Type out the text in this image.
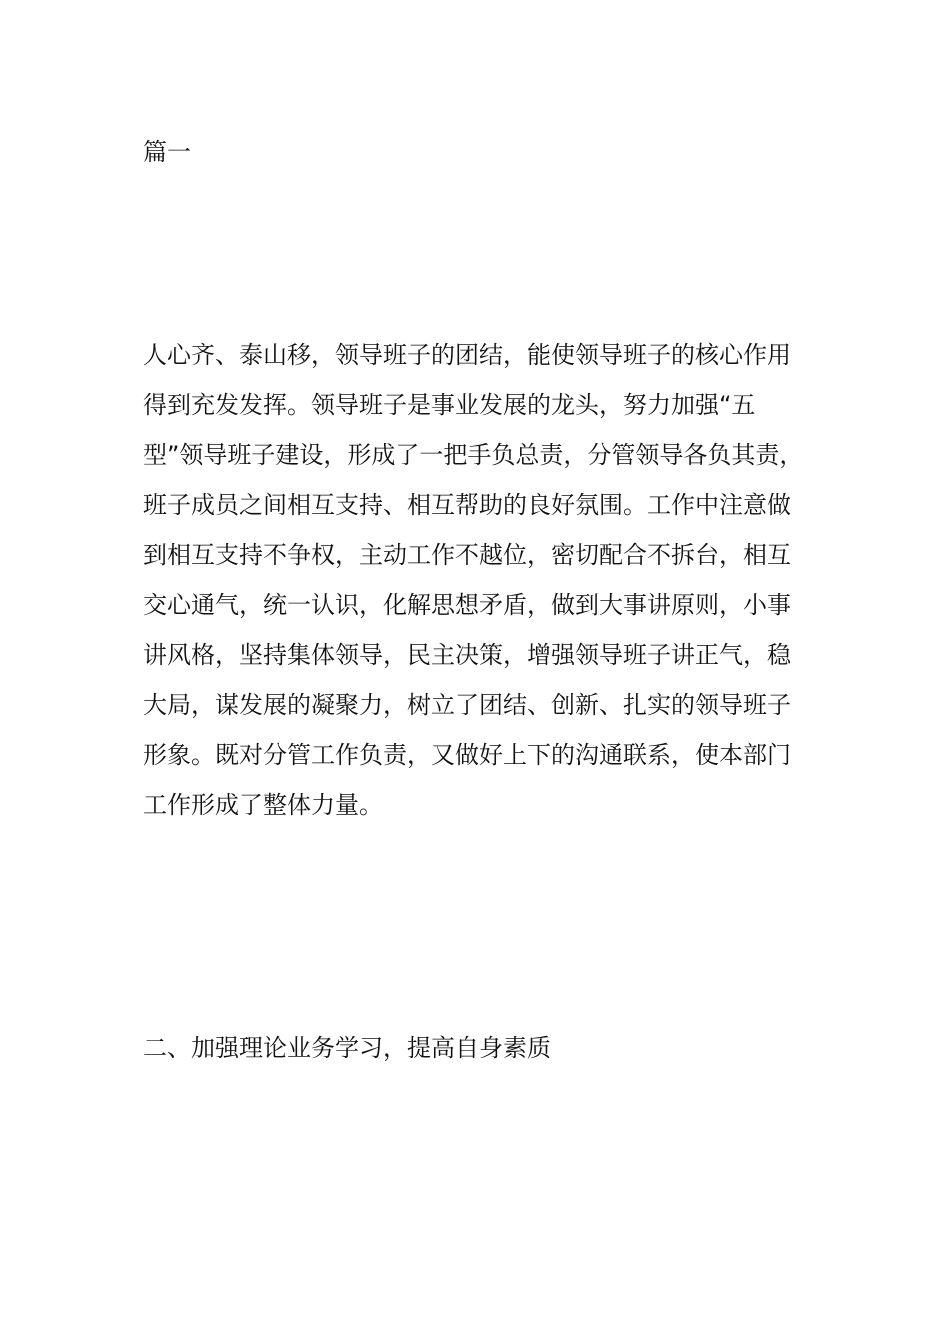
篇一
人心齐、泰山移，领导班子的团结，能使领导班子的核心作用
得到充发发挥。领导班子是事业发展的龙头，努力加强“五
型”领导班子建设，形成了一把手负总责，分管领导各负其责，
班子成员之间相互支持、相互帮助的良好氛围。工作中注意做
到相互支持不争权，主动工作不越位，密切配合不拆台，相互
交心通气，统一认识，化解思想矛盾，做到大事讲原则，小事
讲风格，坚持集体领导，民主决策，增强领导班子讲正气，稳
大局，谋发展的凝聚力，树立了团结、创新、扎实的领导班子
形象。既对分管工作负责，又做好上下的沟通联系，使本部门
工作形成了整体力量。
二、加强理论业务学习，提高自身素质
